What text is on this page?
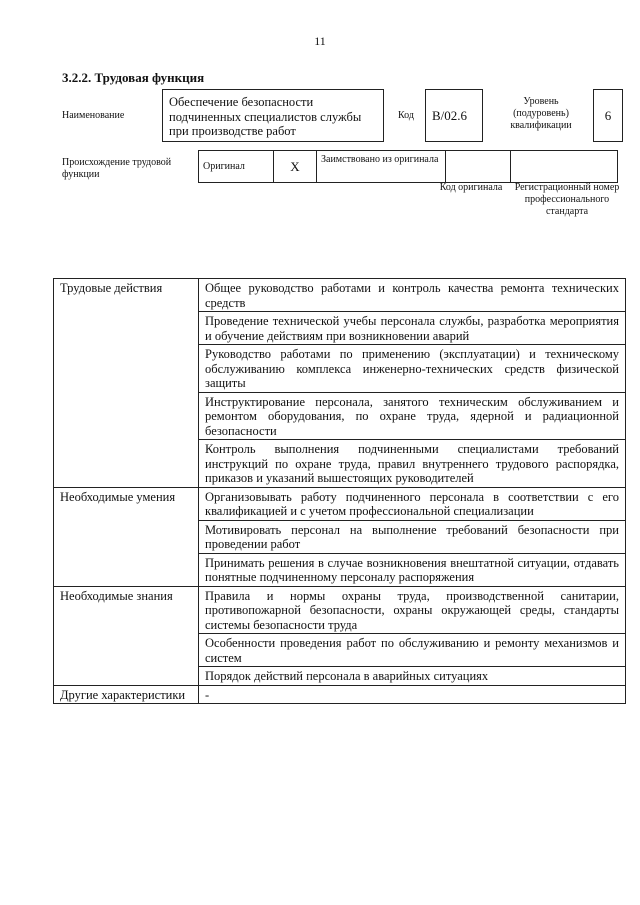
11
3.2.2. Трудовая функция
Наименование
Обеспечение безопасности подчиненных специалистов службы при производстве работ
Код	B/02.6
Уровень (подуровень) квалификации
6
Происхождение трудовой функции
Оригинал	X	Заимствовано из оригинала		
Код оригинала	Регистрационный номер профессионального стандарта
Трудовые действия	Общее руководство работами и контроль качества ремонта технических средств
	Проведение технической учебы персонала службы, разработка мероприятия и обучение действиям при возникновении аварий
	Руководство работами по применению (эксплуатации) и техническому обслуживанию комплекса инженерно-технических средств физической защиты
	Инструктирование персонала, занятого техническим обслуживанием и ремонтом оборудования, по охране труда, ядерной и радиационной безопасности
	Контроль выполнения подчиненными специалистами требований инструкций по охране труда, правил внутреннего трудового распорядка, приказов и указаний вышестоящих руководителей
Необходимые умения	Организовывать работу подчиненного персонала в соответствии с его квалификацией и с учетом профессиональной специализации
	Мотивировать персонал на выполнение требований безопасности при проведении работ
	Принимать решения в случае возникновения внештатной ситуации, отдавать понятные подчиненному персоналу распоряжения
Необходимые знания	Правила и нормы охраны труда, производственной санитарии, противопожарной безопасности, охраны окружающей среды, стандарты системы безопасности труда
	Особенности проведения работ по обслуживанию и ремонту механизмов и систем
	Порядок действий персонала в аварийных ситуациях
Другие характеристики	-
